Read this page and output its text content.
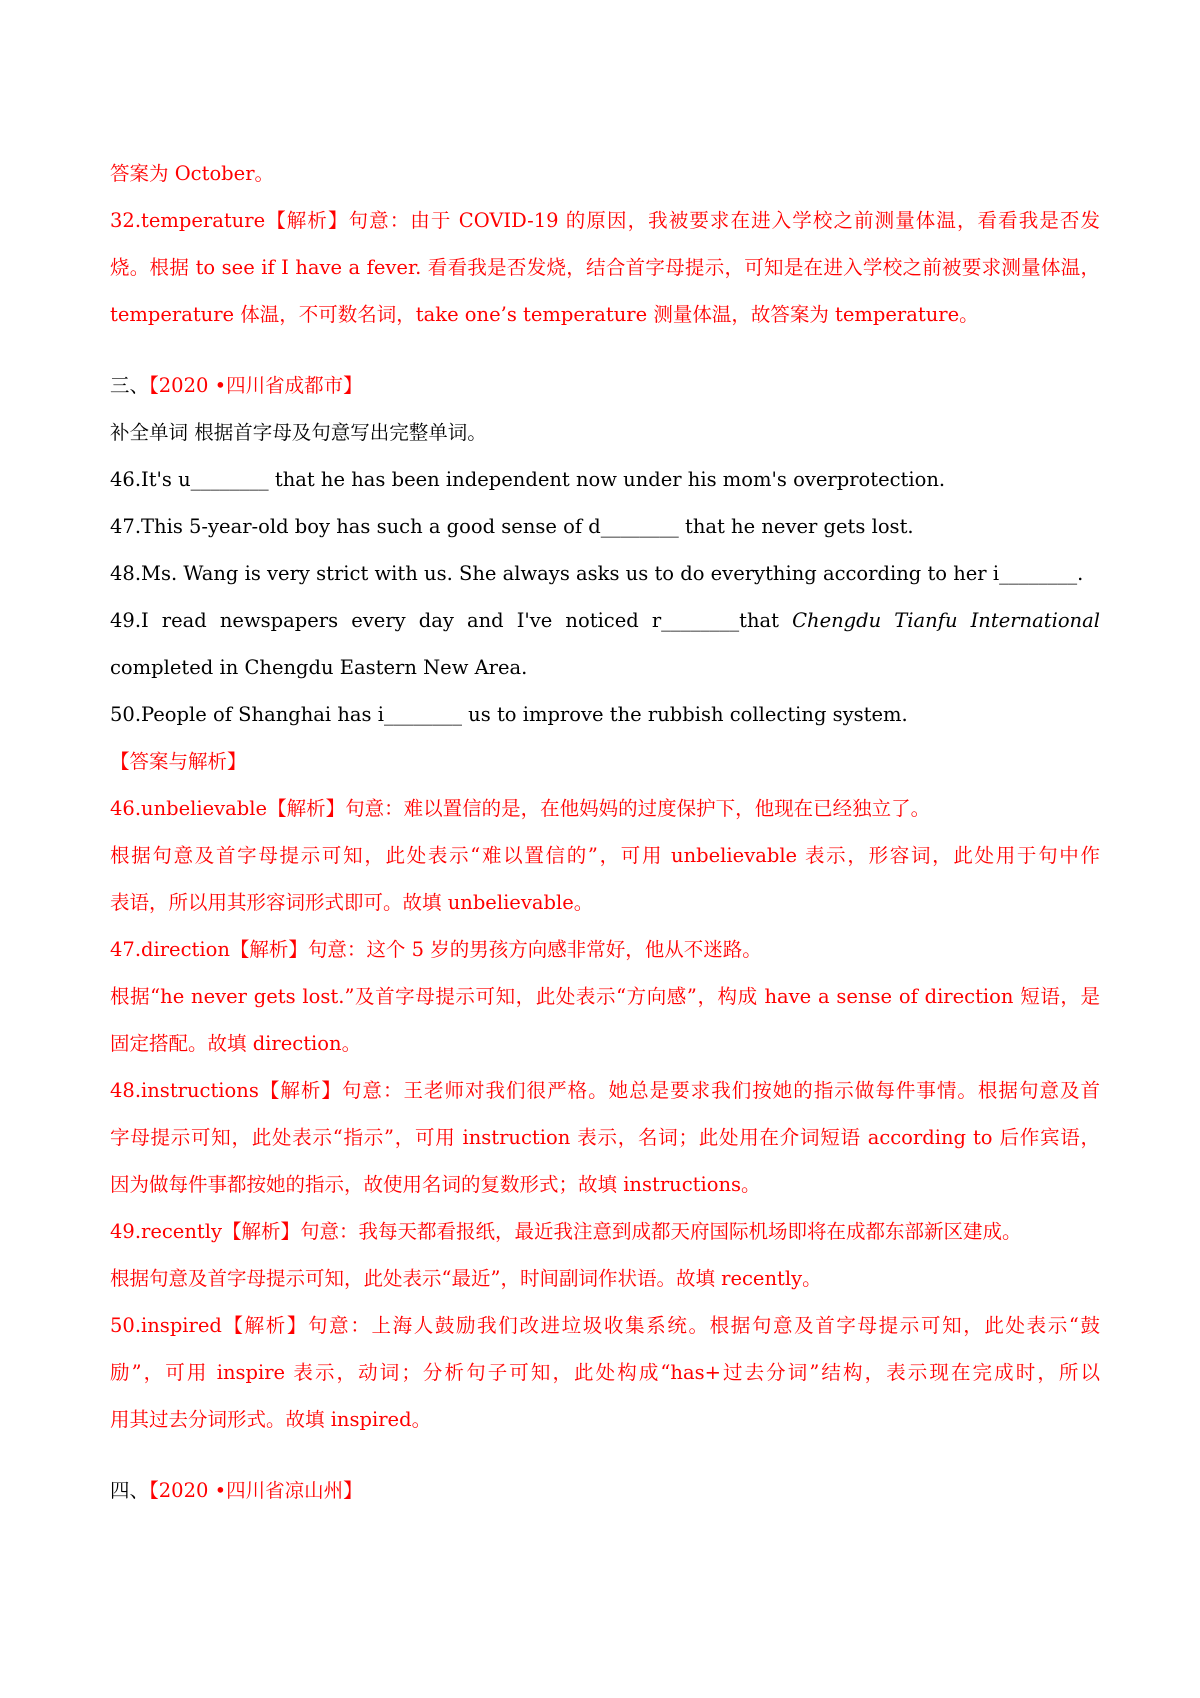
答案为 October。
32.temperature【解析】句意：由于 COVID-19 的原因，我被要求在进入学校之前测量体温，看看我是否发
烧。根据 to see if I have a fever. 看看我是否发烧，结合首字母提示，可知是在进入学校之前被要求测量体温，
temperature 体温，不可数名词，take one’s temperature 测量体温，故答案为 temperature。
三、【2020 •四川省成都市】
补全单词 根据首字母及句意写出完整单词。
46.It's u________ that he has been independent now under his mom's overprotection.
47.This 5-year-old boy has such a good sense of d________ that he never gets lost.
48.Ms. Wang is very strict with us. She always asks us to do everything according to her i________.
49.I read newspapers every day and I've noticed r________that Chengdu Tianfu International
completed in Chengdu Eastern New Area.
50.People of Shanghai has i________ us to improve the rubbish collecting system.
【答案与解析】
46.unbelievable【解析】句意：难以置信的是，在他妈妈的过度保护下，他现在已经独立了。
根据句意及首字母提示可知，此处表示“难以置信的”，可用 unbelievable 表示，形容词，此处用于句中作
表语，所以用其形容词形式即可。故填 unbelievable。
47.direction【解析】句意：这个 5 岁的男孩方向感非常好，他从不迷路。
根据“he never gets lost.”及首字母提示可知，此处表示“方向感”，构成 have a sense of direction 短语，是
固定搭配。故填 direction。
48.instructions【解析】句意：王老师对我们很严格。她总是要求我们按她的指示做每件事情。根据句意及首
字母提示可知，此处表示“指示”，可用 instruction 表示，名词；此处用在介词短语 according to 后作宾语，
因为做每件事都按她的指示，故使用名词的复数形式；故填 instructions。
49.recently【解析】句意：我每天都看报纸，最近我注意到成都天府国际机场即将在成都东部新区建成。
根据句意及首字母提示可知，此处表示“最近”，时间副词作状语。故填 recently。
50.inspired【解析】句意：上海人鼓励我们改进垃圾收集系统。根据句意及首字母提示可知，此处表示“鼓
励”，可用 inspire 表示，动词；分析句子可知，此处构成“has+过去分词”结构，表示现在完成时，所以
用其过去分词形式。故填 inspired。
四、【2020 •四川省凉山州】
